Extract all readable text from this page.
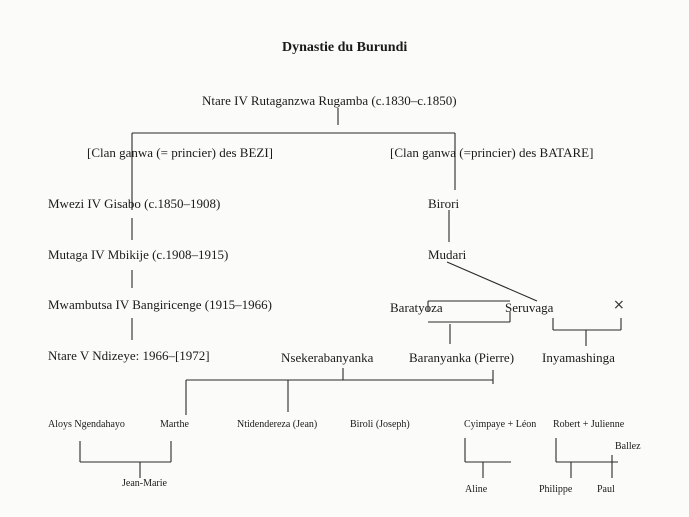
Dynastie du Burundi
Ntare IV Rutaganzwa Rugamba (c.1830–c.1850)
[Clan ganwa (= princier) des BEZI]	[Clan ganwa (=princier) des BATARE]
Mwezi IV Gisabo (c.1850–1908)
Mutaga IV Mbikije (c.1908–1915)
Mwambutsa IV Bangiricenge (1915–1966)
Ntare V Ndizeye: 1966–[1972]
Birori
Mudari
Baratyoza	Seruvaga	×
Nsekerabanyanka	Baranyanka (Pierre) Inyamashinga
Aloys Ngendahayo	Marthe	Ntidendereza (Jean)	Biroli (Joseph)	Cyimpaye + Léon Robert + Julienne
Ballez
Jean-Marie
Aline	Philippe Paul
